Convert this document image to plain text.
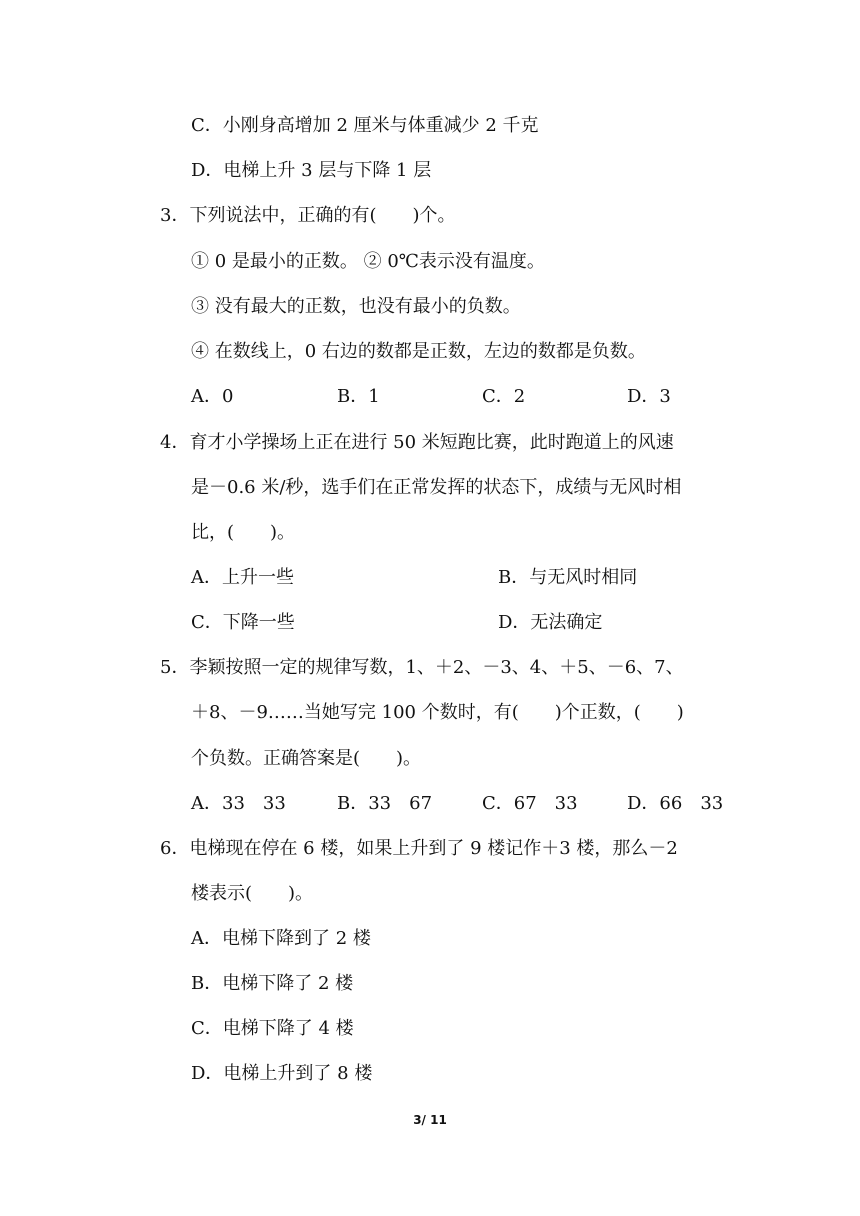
C．小刚身高增加 2 厘米与体重减少 2 千克
D．电梯上升 3 层与下降 1 层
3．下列说法中，正确的有(　　)个。
① 0 是最小的正数。 ② 0℃表示没有温度。
③ 没有最大的正数，也没有最小的负数。
④ 在数线上，0 右边的数都是正数，左边的数都是负数。
A．0	B．1	C．2	D．3
4．育才小学操场上正在进行 50 米短跑比赛，此时跑道上的风速
是－0.6 米/秒，选手们在正常发挥的状态下，成绩与无风时相
比，(　　)。
A．上升一些	B．与无风时相同
C．下降一些	D．无法确定
5．李颖按照一定的规律写数，1、＋2、－3、4、＋5、－6、7、
＋8、－9……当她写完 100 个数时，有(　　)个正数，(　　)
个负数。正确答案是(　　)。
A．33　33	B．33　67	C．67　33	D．66　33
6．电梯现在停在 6 楼，如果上升到了 9 楼记作＋3 楼，那么－2
楼表示(　　)。
A．电梯下降到了 2 楼
B．电梯下降了 2 楼
C．电梯下降了 4 楼
D．电梯上升到了 8 楼
3/ 11
